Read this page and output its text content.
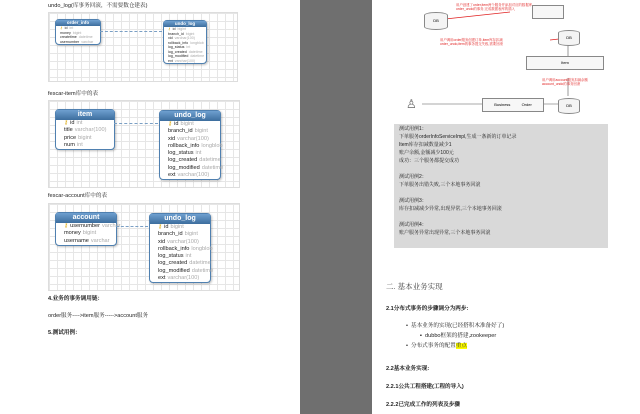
undo_log(库事务回滚，不需要数仓建表)
order_info
⚷ id int
money bigint
createtime datetime
usernumber varchar
undo_log
⚷ id bigint
branch_id bigint
xid varchar(100)
rollback_info longblob
log_status int
log_created datetime
log_modified datetime
ext varchar(100)
fescar-item库中的表
item
⚷ id int
title varchar(100)
price bigint
num int
undo_log
⚷ id bigint
branch_id bigint
xid varchar(100)
rollback_info longblob
log_status int
log_created datetime
log_modified datetime
ext varchar(100)
fescar-account库中的表
account
⚷ usernumber varchar
money bigint
username varchar
undo_log
⚷ id bigint
branch_id bigint
xid varchar(100)
rollback_info longblob
log_status int
log_created datetime
log_modified datetime
ext varchar(100)
4.业务的事务调用链：
order服务---->item服务----->account服务
5.测试用例：
DB
用户创建了order,item两个服务并添加对应的数据库
order_undo的事务,完成数据表库的插入
用户调用order服务创建订单,item库存扣减
order_undo,item的事务提交失败,需要回滚
DB
Item
用户调用account服务扣减余额
account_undo的事务回滚
♙	Business	Order	DB
测试用例1：
下单服务orderInfoServiceImpl,生成一条新的订单记录
Item库存扣减数量减少1
账户余额,金额减少100元
成功：三个服务都提交成功
测试用例2：
下单服务出错失败,三个本地事务回滚
测试用例3：
库存扣减减少异常,出现异常,三个本地事务回滚
测试用例4：
账户服务异常出现异常,三个本地事务回滚
二. 基本业务实现
2.1分布式事务的步骤调分为两步:
• 基本业务的实现(已经搭积木准备好了)
▪ dubbo框架的搭建,zookeeper
• 分布式事务的配置重点
2.2基本业务实现:
2.2.1公共工程搭建(工程的导入)
2.2.2已完成工作的列表及步骤
